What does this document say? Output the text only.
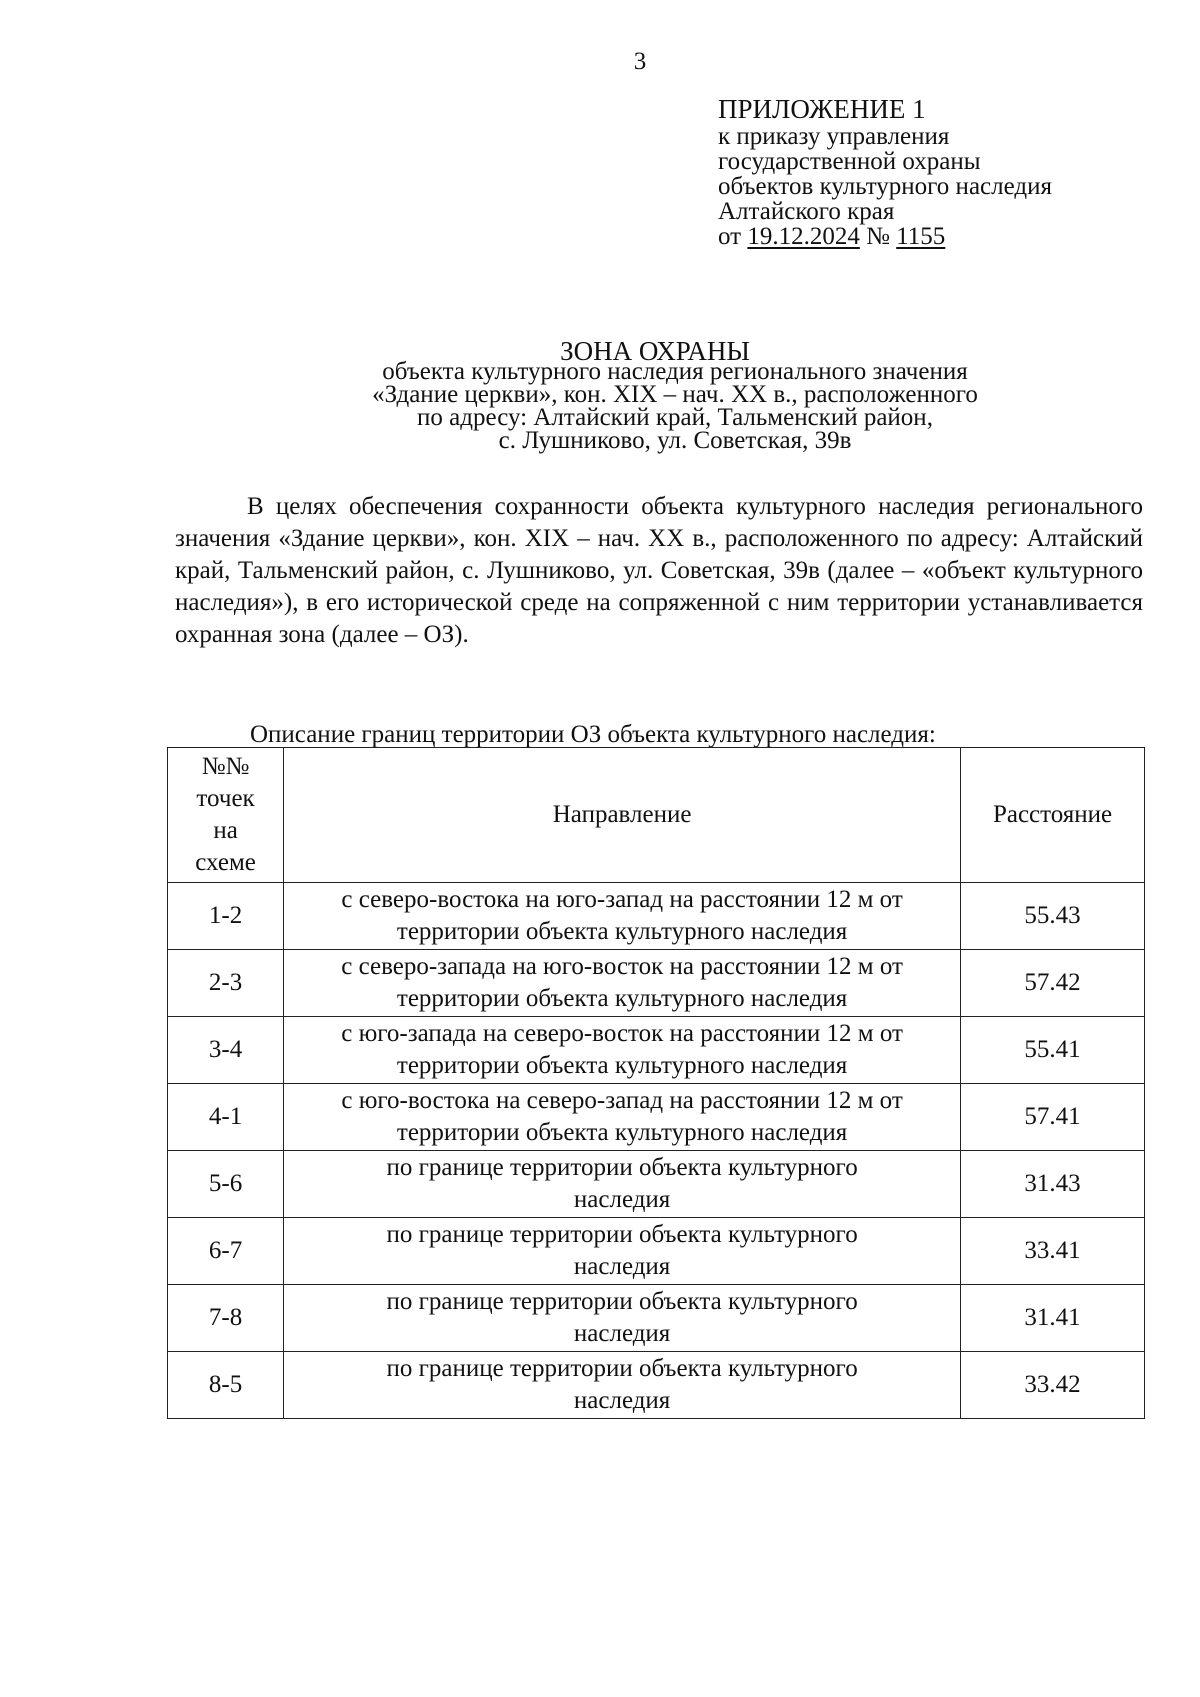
3
ПРИЛОЖЕНИЕ 1
к приказу управления
государственной охраны
объектов культурного наследия
Алтайского края
от 19.12.2024 № 1155
ЗОНА ОХРАНЫ
объекта культурного наследия регионального значения
«Здание церкви», кон. XIX – нач. XX в., расположенного
по адресу: Алтайский край, Тальменский район,
с. Лушниково, ул. Советская, 39в
В целях обеспечения сохранности объекта культурного наследия регионального значения «Здание церкви», кон. XIX – нач. XX в., расположенного по адресу: Алтайский край, Тальменский район, с. Лушниково, ул. Советская, 39в (далее – «объект культурного наследия»), в его исторической среде на сопряженной с ним территории устанавливается охранная зона (далее – ОЗ).
Описание границ территории ОЗ объекта культурного наследия:
№№
точек
на
схеме	Направление	Расстояние
1-2	с северо-востока на юго-запад на расстоянии 12 м от
территории объекта культурного наследия	55.43
2-3	с северо-запада на юго-восток на расстоянии 12 м от
территории объекта культурного наследия	57.42
3-4	с юго-запада на северо-восток на расстоянии 12 м от
территории объекта культурного наследия	55.41
4-1	с юго-востока на северо-запад на расстоянии 12 м от
территории объекта культурного наследия	57.41
5-6	по границе территории объекта культурного
наследия	31.43
6-7	по границе территории объекта культурного
наследия	33.41
7-8	по границе территории объекта культурного
наследия	31.41
8-5	по границе территории объекта культурного
наследия	33.42
